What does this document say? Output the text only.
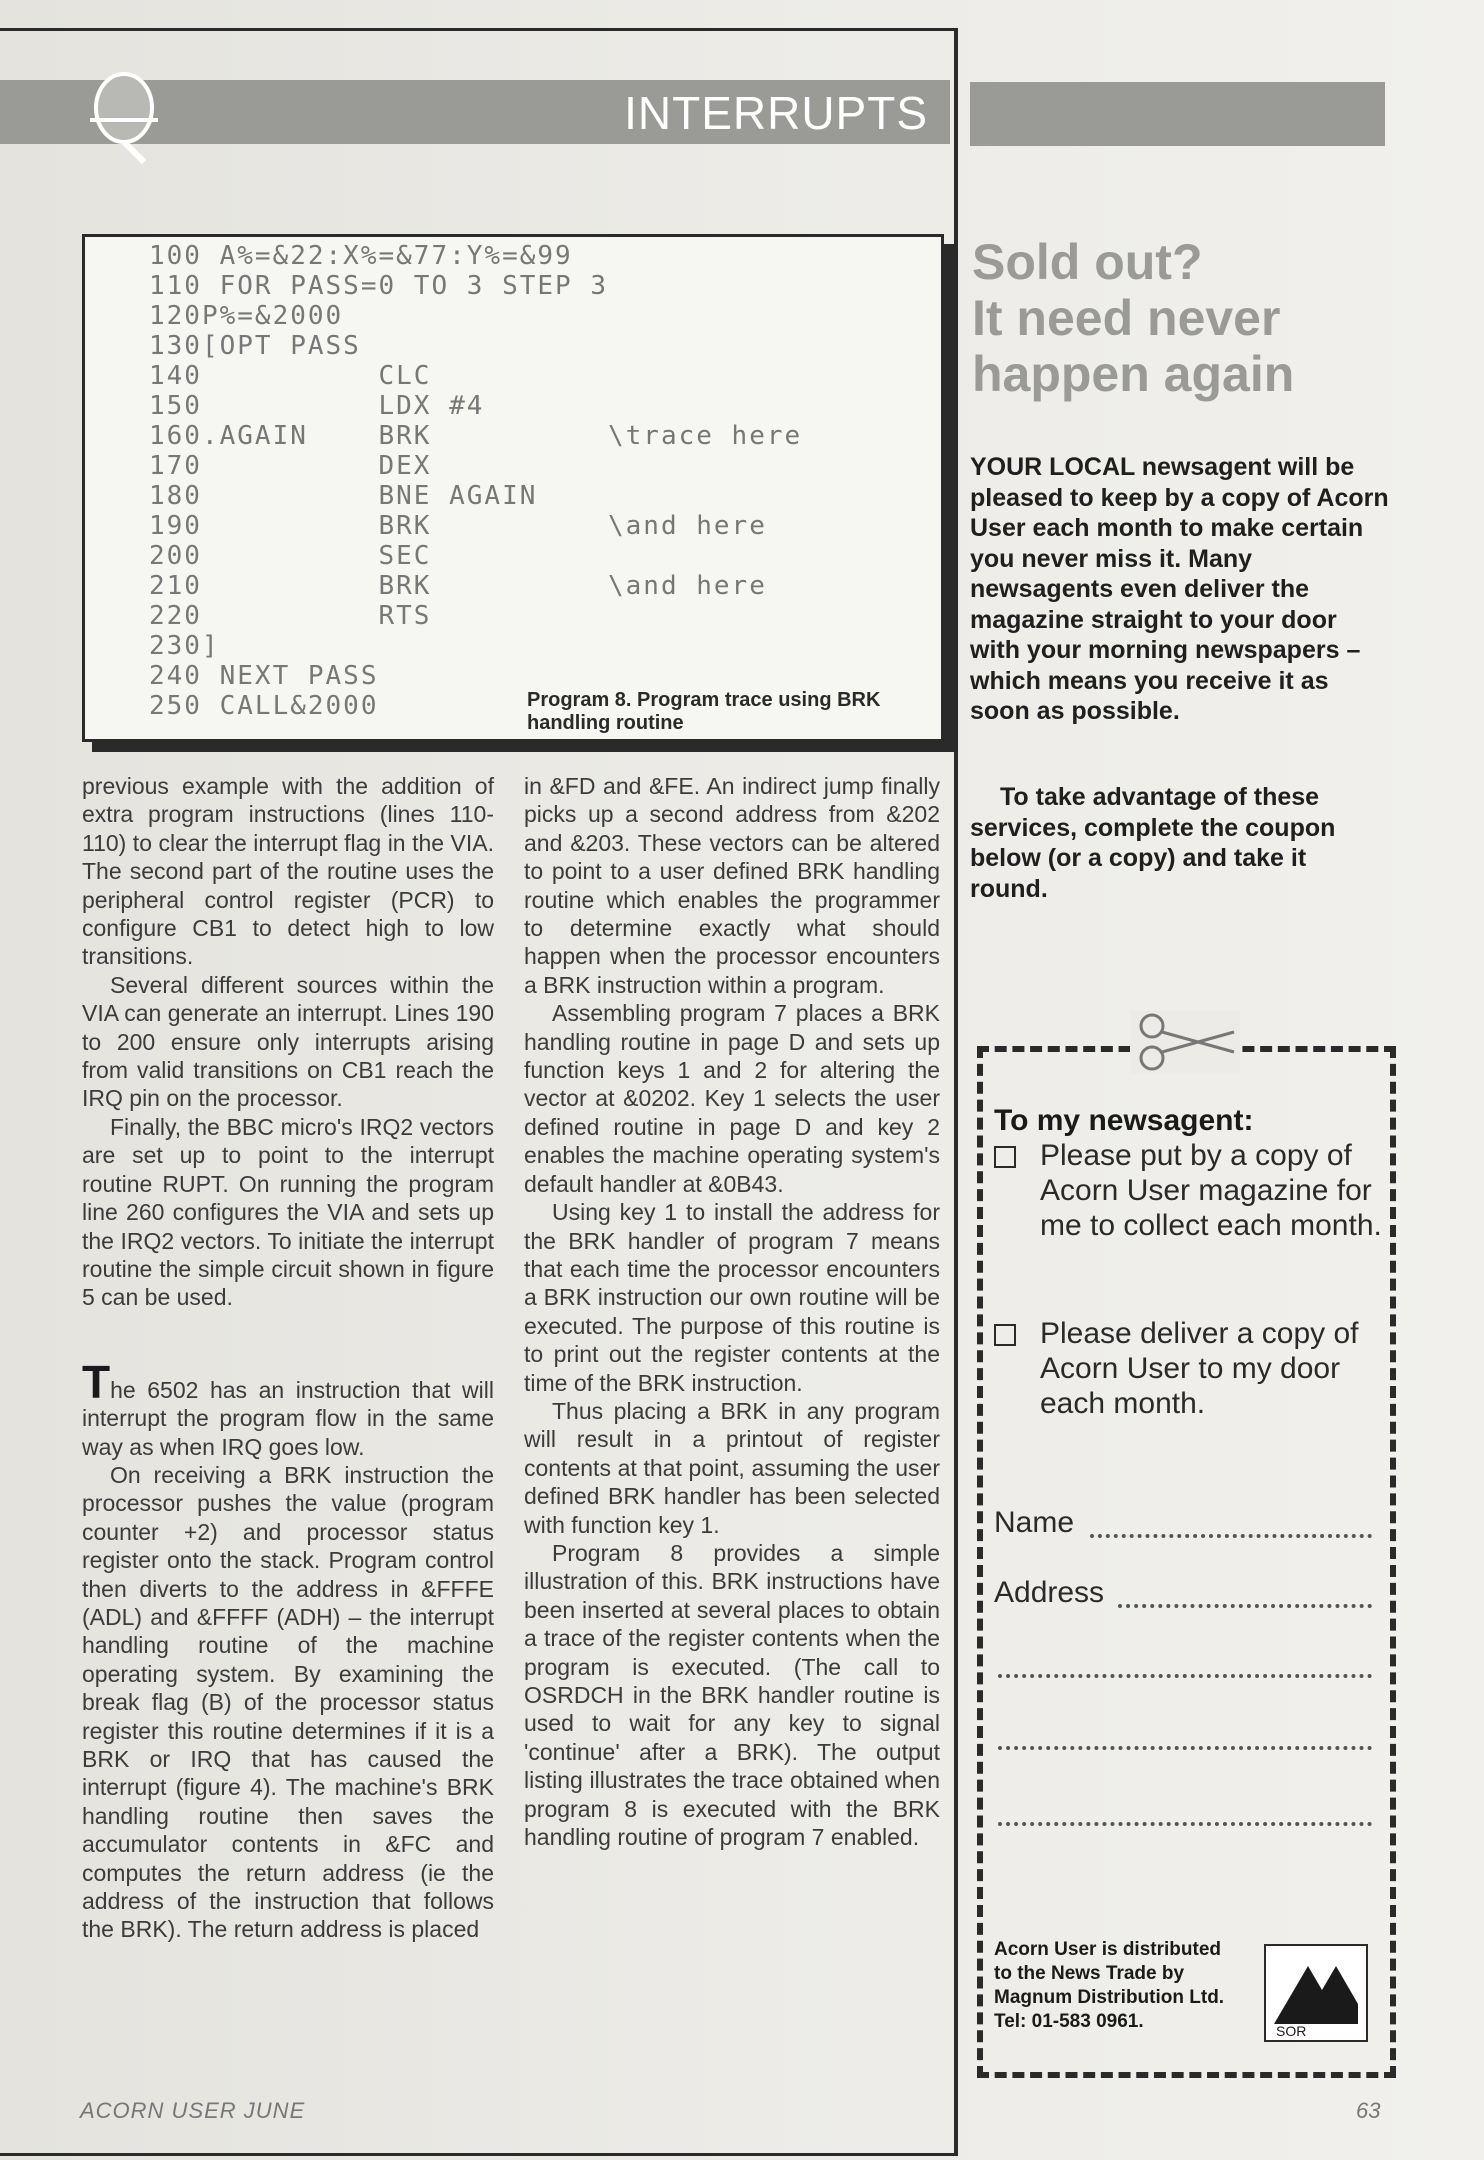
INTERRUPTS
100 A%=&22:X%=&77:Y%=&99
110 FOR PASS=0 TO 3 STEP 3
120P%=&2000
130[OPT PASS
140          CLC
150          LDX #4
160.AGAIN    BRK          \trace here
170          DEX
180          BNE AGAIN
190          BRK          \and here
200          SEC
210          BRK          \and here
220          RTS
230]
240 NEXT PASS
250 CALL&2000	Program 8. Program trace using BRK handling routine

previous example with the addition of extra program instructions (lines 110-110) to clear the interrupt flag in the VIA. The second part of the routine uses the peripheral control register (PCR) to configure CB1 to detect high to low transitions.

Several different sources within the VIA can generate an interrupt. Lines 190 to 200 ensure only interrupts arising from valid transitions on CB1 reach the IRQ pin on the processor.

Finally, the BBC micro's IRQ2 vectors are set up to point to the interrupt routine RUPT. On running the program line 260 configures the VIA and sets up the IRQ2 vectors. To initiate the interrupt routine the simple circuit shown in figure 5 can be used.

The 6502 has an instruction that will interrupt the program flow in the same way as when IRQ goes low.

On receiving a BRK instruction the processor pushes the value (program counter +2) and processor status register onto the stack. Program control then diverts to the address in &FFFE (ADL) and &FFFF (ADH) – the interrupt handling routine of the machine operating system. By examining the break flag (B) of the processor status register this routine determines if it is a BRK or IRQ that has caused the interrupt (figure 4). The machine's BRK handling routine then saves the accumulator contents in &FC and computes the return address (ie the address of the instruction that follows the BRK). The return address is placed

in &FD and &FE. An indirect jump finally picks up a second address from &202 and &203. These vectors can be altered to point to a user defined BRK handling routine which enables the programmer to determine exactly what should happen when the processor encounters a BRK instruction within a program.

Assembling program 7 places a BRK handling routine in page D and sets up function keys 1 and 2 for altering the vector at &0202. Key 1 selects the user defined routine in page D and key 2 enables the machine operating system's default handler at &0B43.

Using key 1 to install the address for the BRK handler of program 7 means that each time the processor encounters a BRK instruction our own routine will be executed. The purpose of this routine is to print out the register contents at the time of the BRK instruction.

Thus placing a BRK in any program will result in a printout of register contents at that point, assuming the user defined BRK handler has been selected with function key 1.

Program 8 provides a simple illustration of this. BRK instructions have been inserted at several places to obtain a trace of the register contents when the program is executed. (The call to OSRDCH in the BRK handler routine is used to wait for any key to signal 'continue' after a BRK). The output listing illustrates the trace obtained when program 8 is executed with the BRK handling routine of program 7 enabled.

Sold out?
It need never
happen again
YOUR LOCAL newsagent will be pleased to keep by a copy of Acorn User each month to make certain you never miss it. Many newsagents even deliver the magazine straight to your door with your morning newspapers – which means you receive it as soon as possible.
To take advantage of these services, complete the coupon below (or a copy) and take it round.
To my newsagent:
Please put by a copy of Acorn User magazine for me to collect each month.
Please deliver a copy of Acorn User to my door each month.
Name
Address
Acorn User is distributed to the News Trade by Magnum Distribution Ltd. Tel: 01-583 0961.	SOR
ACORN USER JUNE	63
